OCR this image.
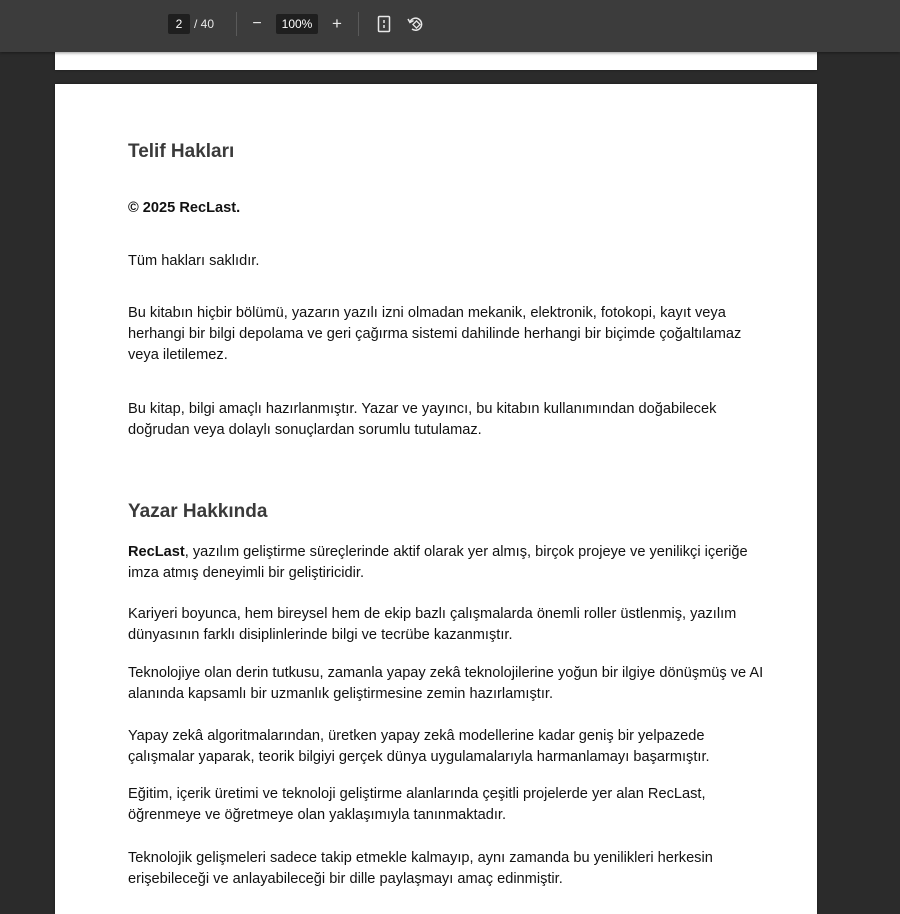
2 / 40 −	100%	+
Telif Hakları
© 2025 RecLast.
Tüm hakları saklıdır.
Bu kitabın hiçbir bölümü, yazarın yazılı izni olmadan mekanik, elektronik, fotokopi, kayıt veya herhangi bir bilgi depolama ve geri çağırma sistemi dahilinde herhangi bir biçimde çoğaltılamaz veya iletilemez.
Bu kitap, bilgi amaçlı hazırlanmıştır. Yazar ve yayıncı, bu kitabın kullanımından doğabilecek doğrudan veya dolaylı sonuçlardan sorumlu tutulamaz.
Yazar Hakkında
RecLast, yazılım geliştirme süreçlerinde aktif olarak yer almış, birçok projeye ve yenilikçi içeriğe imza atmış deneyimli bir geliştiricidir.
Kariyeri boyunca, hem bireysel hem de ekip bazlı çalışmalarda önemli roller üstlenmiş, yazılım dünyasının farklı disiplinlerinde bilgi ve tecrübe kazanmıştır.
Teknolojiye olan derin tutkusu, zamanla yapay zekâ teknolojilerine yoğun bir ilgiye dönüşmüş ve AI alanında kapsamlı bir uzmanlık geliştirmesine zemin hazırlamıştır.
Yapay zekâ algoritmalarından, üretken yapay zekâ modellerine kadar geniş bir yelpazede çalışmalar yaparak, teorik bilgiyi gerçek dünya uygulamalarıyla harmanlamayı başarmıştır.
Eğitim, içerik üretimi ve teknoloji geliştirme alanlarında çeşitli projelerde yer alan RecLast, öğrenmeye ve öğretmeye olan yaklaşımıyla tanınmaktadır.
Teknolojik gelişmeleri sadece takip etmekle kalmayıp, aynı zamanda bu yenilikleri herkesin erişebileceği ve anlayabileceği bir dille paylaşmayı amaç edinmiştir.
